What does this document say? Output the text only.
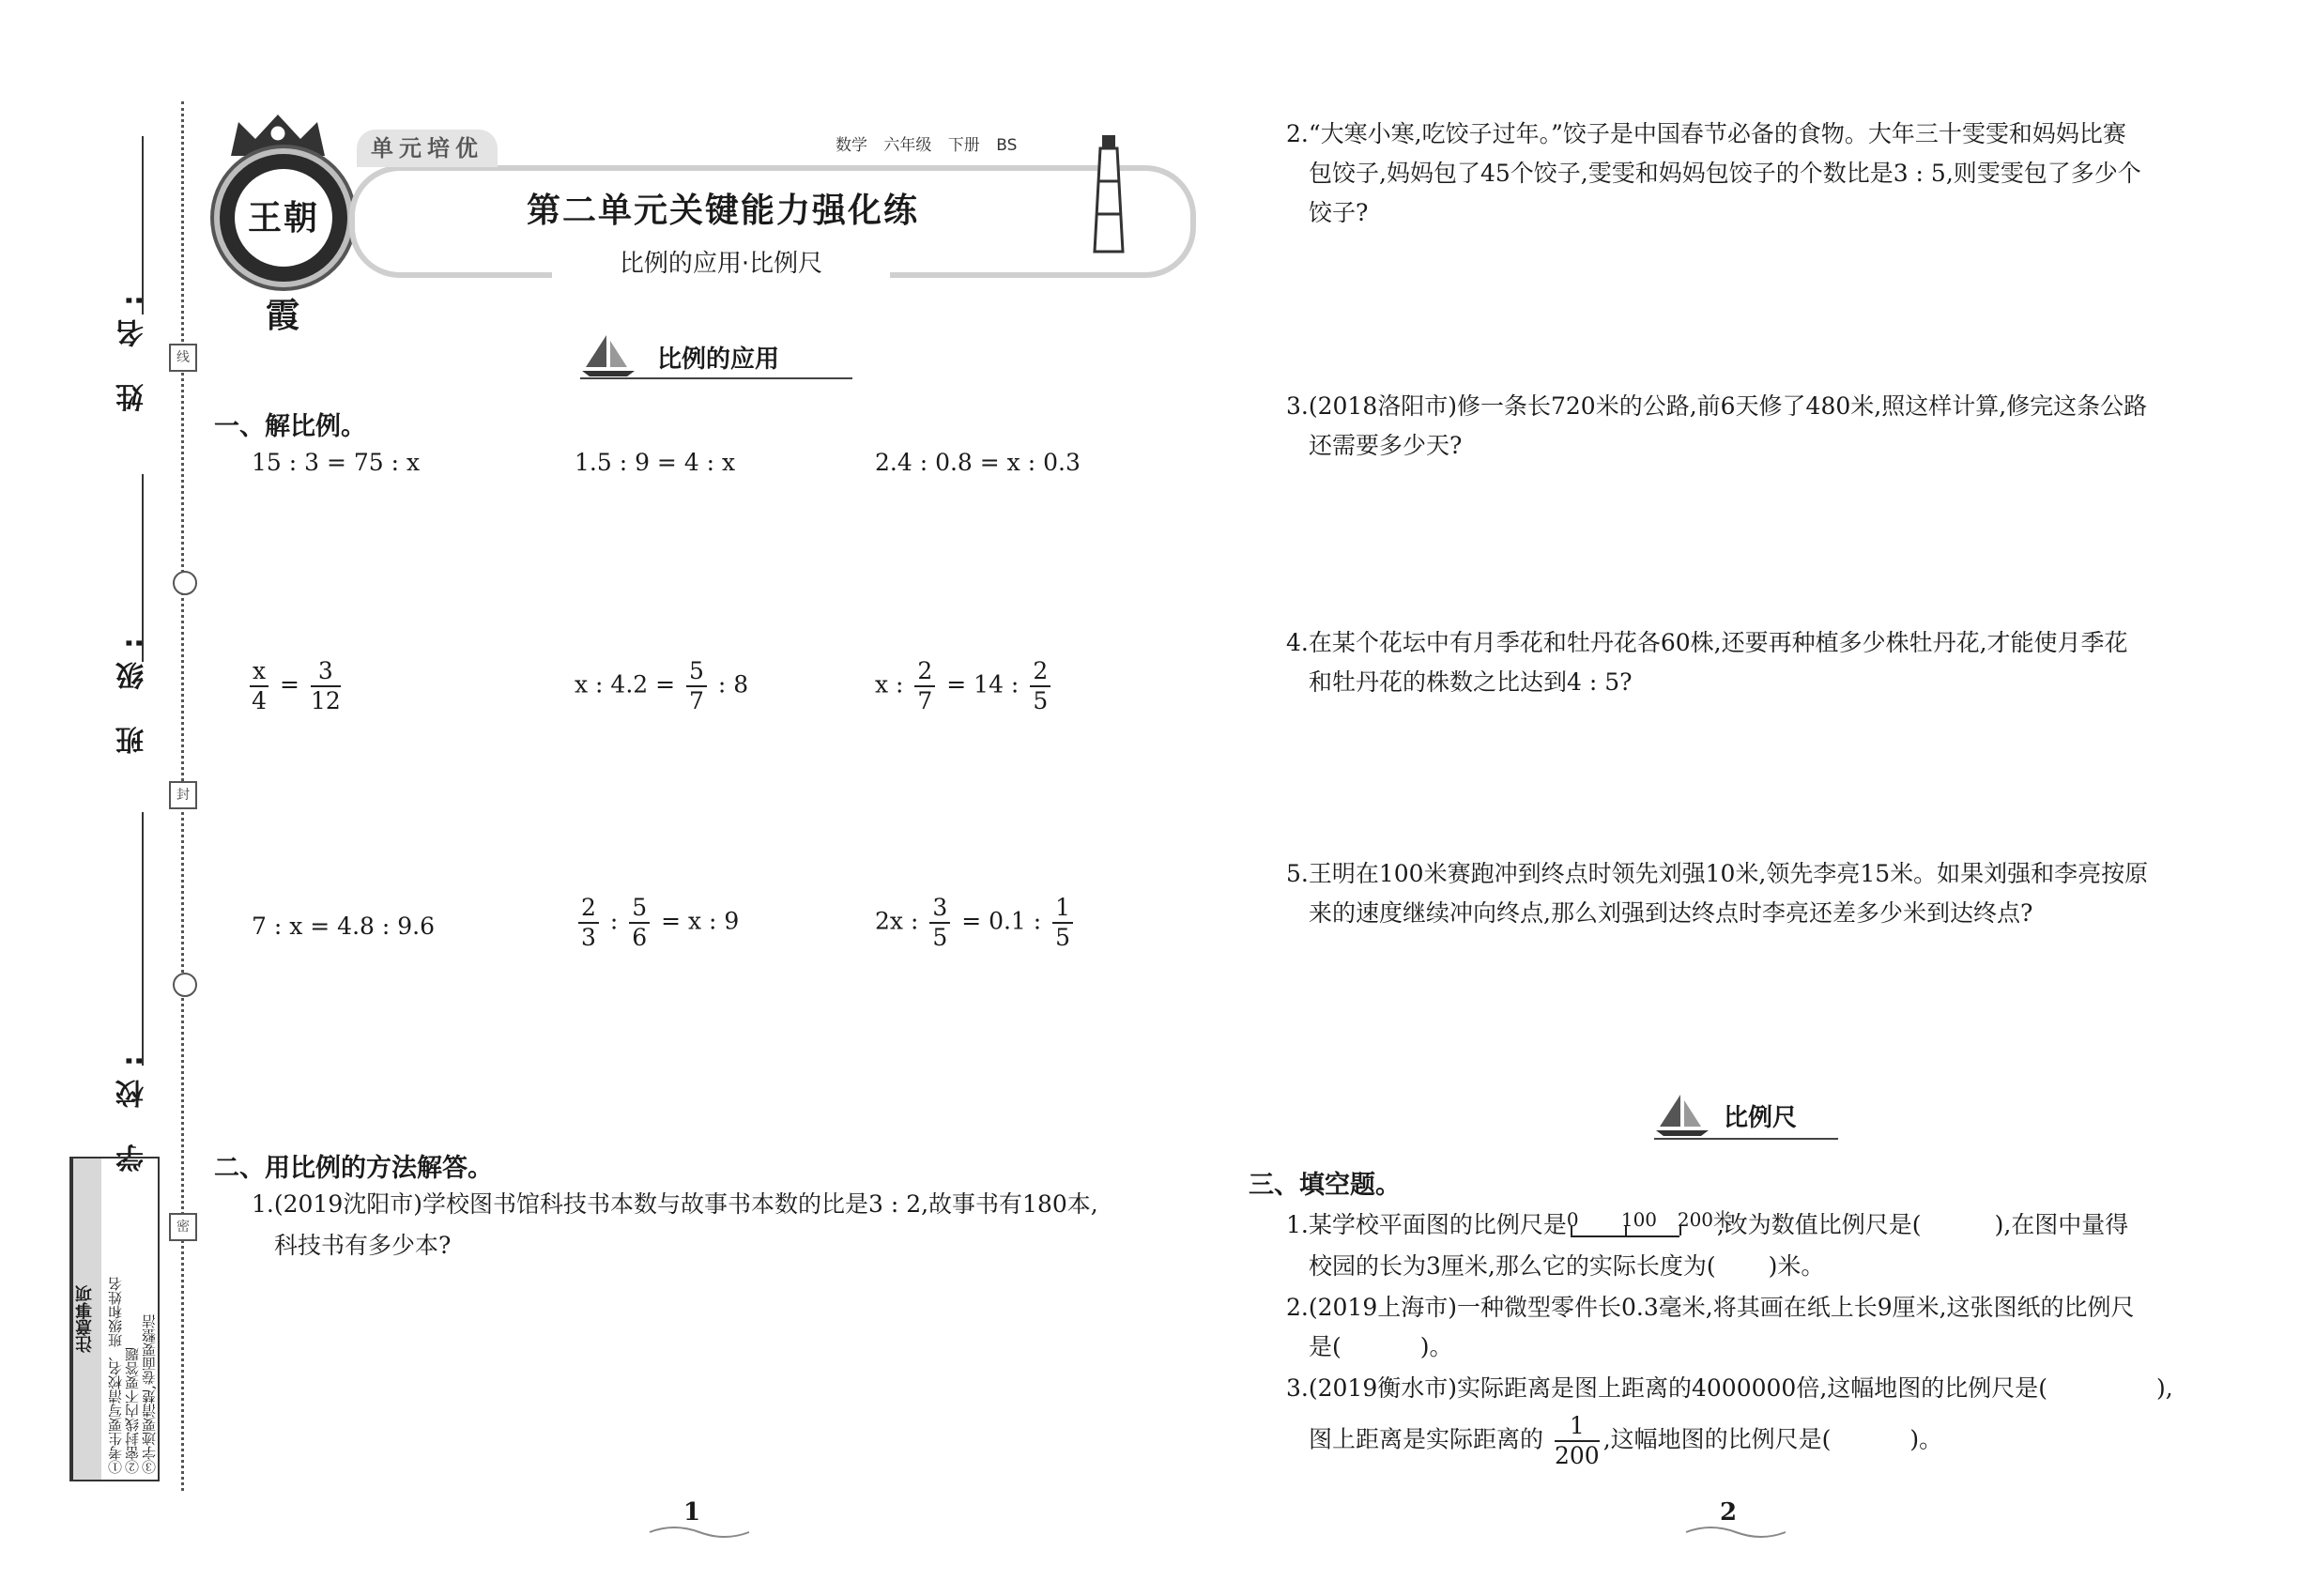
线
封
密
姓 名:
班 级:
学 校:
注意事项 ①考生要写清校名、班级和姓名 ②密封线内不要答题 ③字迹要清楚,卷面要整洁
王朝霞
单元培优	数学 六年级 下册 BS
第二单元关键能力强化练
比例的应用·比例尺
比例的应用
一、解比例。
15 : 3 = 75 : x	1.5 : 9 = 4 : x	2.4 : 0.8 = x : 0.3
$\frac{x}{4} = \frac{3}{12}$	x : $4.2 = \frac{5}{7}$ : 8	x : $\frac{2}{7} = 14$ : $\frac{2}{5}$
7 : x = 4.8 : 9.6	$\frac{2}{3}$ : $\frac{5}{6} = x$ : 9	2x : $\frac{3}{5} = 0.1$ : $\frac{1}{5}$
二、用比例的方法解答。
1.(2019沈阳市)学校图书馆科技书本数与故事书本数的比是3 : 2,故事书有180本,
科技书有多少本?
1
2.“大寒小寒,吃饺子过年。”饺子是中国春节必备的食物。大年三十雯雯和妈妈比赛
包饺子,妈妈包了45个饺子,雯雯和妈妈包饺子的个数比是3 : 5,则雯雯包了多少个
饺子?
3.(2018洛阳市)修一条长720米的公路,前6天修了480米,照这样计算,修完这条公路
还需要多少天?
4.在某个花坛中有月季花和牡丹花各60株,还要再种植多少株牡丹花,才能使月季花
和牡丹花的株数之比达到4 : 5?
5.王明在100米赛跑冲到终点时领先刘强10米,领先李亮15米。如果刘强和李亮按原
来的速度继续冲向终点,那么刘强到达终点时李亮还差多少米到达终点?
比例尺
三、填空题。
1.某学校平面图的比例尺是 0 100 200米
,改为数值比例尺是(	),在图中量得
校园的长为3厘米,那么它的实际长度为( )米。
2.(2019上海市)一种微型零件长0.3毫米,将其画在纸上长9厘米,这张图纸的比例尺
是(	)。
3.(2019衡水市)实际距离是图上距离的4000000倍,这幅地图的比例尺是(	),
图上距离是实际距离的 $\frac{1}{200}$ ,这幅地图的比例尺是(	)。
2
